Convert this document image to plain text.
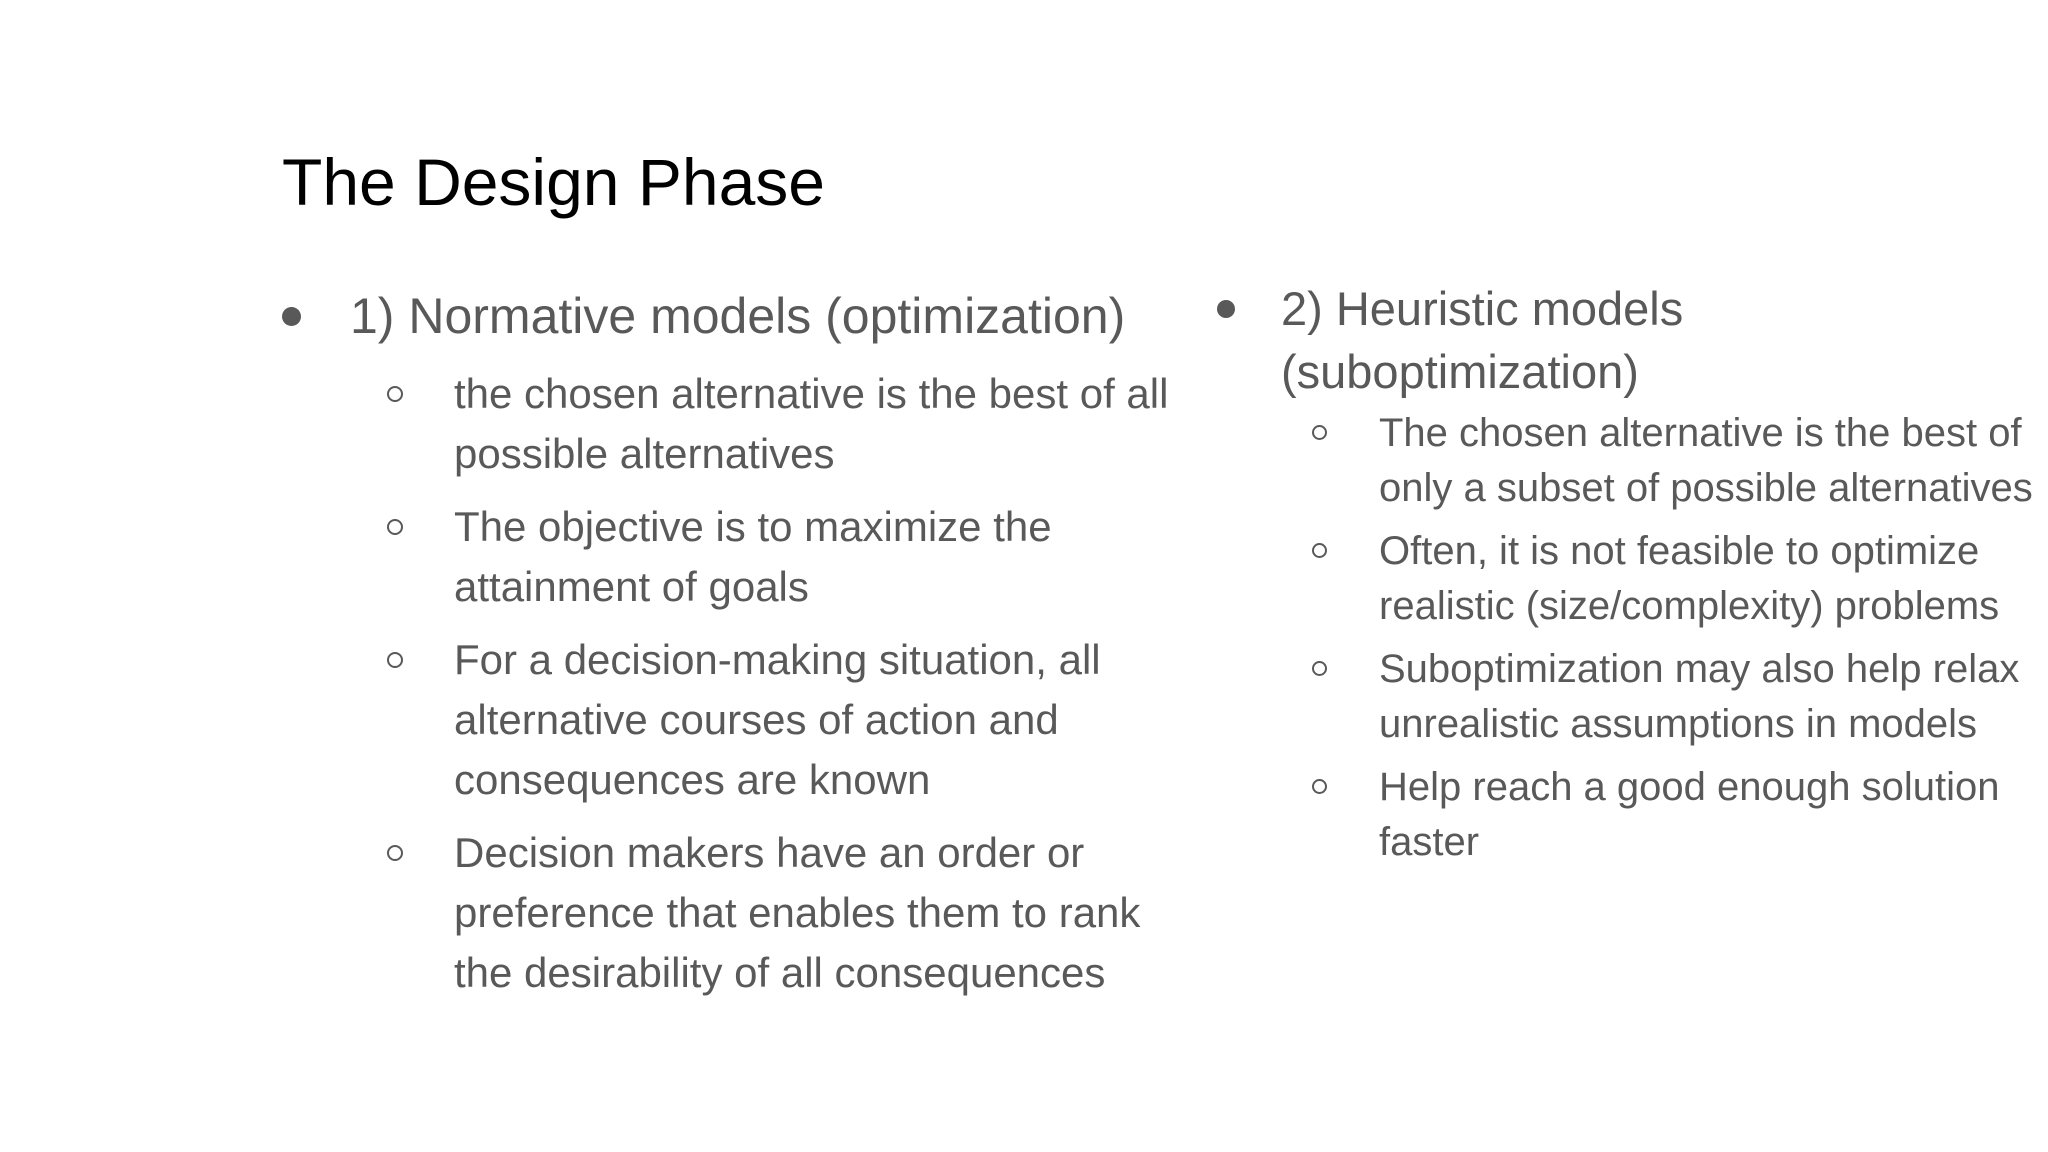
The Design Phase
1) Normative models (optimization)
the chosen alternative is the best of all possible alternatives
The objective is to maximize the attainment of goals
For a decision-making situation, all alternative courses of action and consequences are known
Decision makers have an order or preference that enables them to rank the desirability of all consequences
2) Heuristic models (suboptimization)
The chosen alternative is the best of only a subset of possible alternatives
Often, it is not feasible to optimize realistic (size/complexity) problems
Suboptimization may also help relax unrealistic assumptions in models
Help reach a good enough solution faster
